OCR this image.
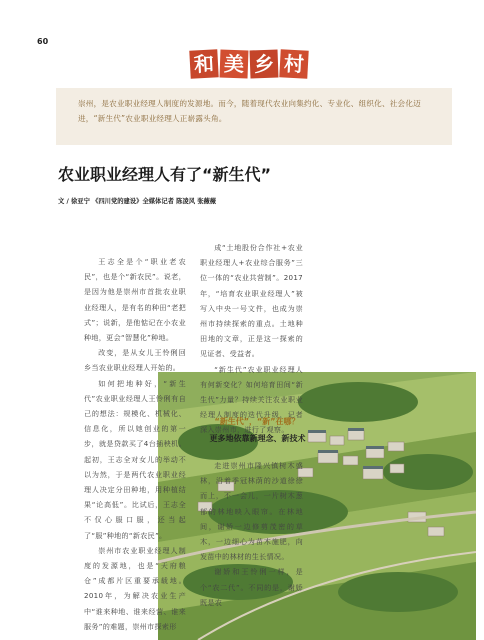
60
和 美 乡 村
崇州，是农业职业经理人制度的发源地。而今，随着现代农业向集约化、专业化、组织化、社会化迈进，“新生代”农业职业经理人正崭露头角。
农业职业经理人有了“新生代”
文 / 徐亚宁 《四川党的建设》全媒体记者 陈凌风 张薇薇

王志全是个“职业老农民”，也是个“新农民”。说老，是因为他是崇州市首批农业职业经理人，是有名的种田“老把式”；说新，是他惦记在小农业种地，更会“智慧化”种地。

改变，是从女儿王怜俐回乡当农业职业经理人开始的。

如何把地种好，“新生代”农业职业经理人王怜俐有自己的想法：规模化、机械化、信息化，所以她创业的第一步，就是贷款买了4台插秧机。起初，王志全对女儿的举动不以为然，于是两代农业职业经理人决定分田种地，用种植结果“论高低”。比试后，王志全不仅心服口服，还当起了“服”种地的“新农民”。

崇州市农业职业经理人制度的发源地，也是“天府粮仓”成都片区重要承载地。2010年，为解决农业生产中“谁来种地、谁来经营、谁来服务”的难题，崇州市探索形

成“土地股份合作社+农业职业经理人+农业综合服务”三位一体的“农业共营制”。2017年，“培育农业职业经理人”被写入中央一号文件，也成为崇州市持续探索的重点。土地种田地的文章，正是这一探索的见证者、受益者。

“新生代”农业职业经理人有何新变化？如何培育田间“新生代”力量？持续关注农业职业经理人制度的迭代升级，记者深入崇州市，进行了观察。

走进崇州市隆兴镇树木盛林，沿着季冠林荫的沙道徐徐而上，不一会儿，一片树木葱郁的林地映入眼帘。在林地间，谢娇一边修剪茂密的草木，一边细心为苗木施肥，向发苗中的林材的生长情况。

谢娇和王怜俐一样，是个“农二代”。不同的是，谢娇既是农

“新生代”，“新”在哪？
更多地依靠新理念、新技术
